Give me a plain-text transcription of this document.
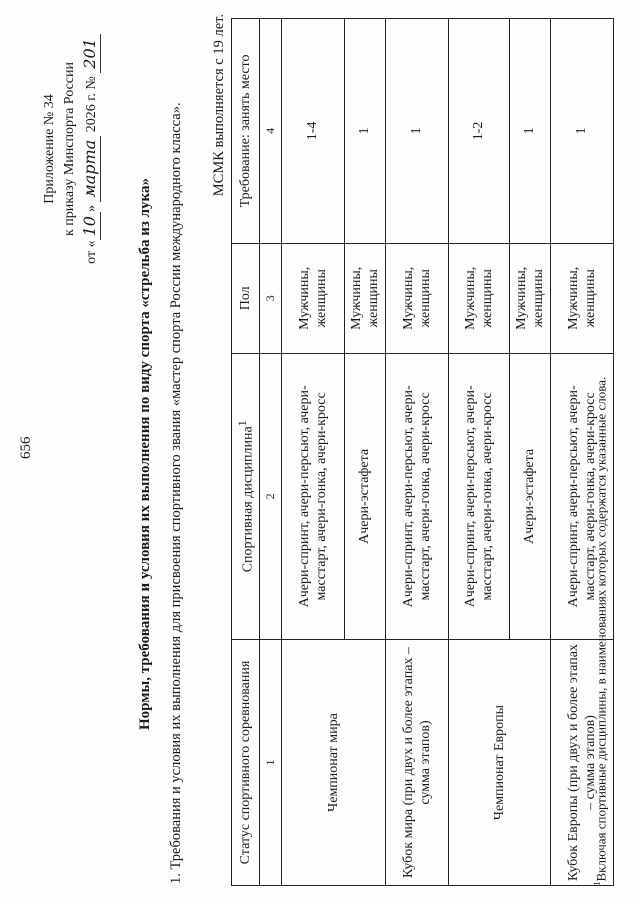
656
Приложение № 34 к приказу Минспорта России
от «10» марта 2026 г. № 201
Нормы, требования и условия их выполнения по виду спорта «стрельба из лука» 1. Требования и условия их выполнения для присвоения спортивного звания «мастер спорта России международного класса». МСМК выполняется с 19 лет.
Статус спортивного соревнования	Спортивная дисциплина$^1$	Пол	Требование: занять место
1	2	3	4
Чемпионат мира	Ачери-спринт, ачери-персьют, ачери-масстарт, ачери-гонка, ачери-кросс	Мужчины, женщины	1-4
	Ачери-эстафета	Мужчины, женщины	1
Кубок мира (при двух и более этапах – сумма этапов)	Ачери-спринт, ачери-персьют, ачери-масстарт, ачери-гонка, ачери-кросс	Мужчины, женщины	1
Чемпионат Европы	Ачери-спринт, ачери-персьют, ачери-масстарт, ачери-гонка, ачери-кросс	Мужчины, женщины	1-2
	Ачери-эстафета	Мужчины, женщины	1
Кубок Европы (при двух и более этапах – сумма этапов)	Ачери-спринт, ачери-персьют, ачери-масстарт, ачери-гонка, ачери-кросс	Мужчины, женщины	1
$^1$Включая спортивные дисциплины, в наименованиях которых содержатся указанные слова.
